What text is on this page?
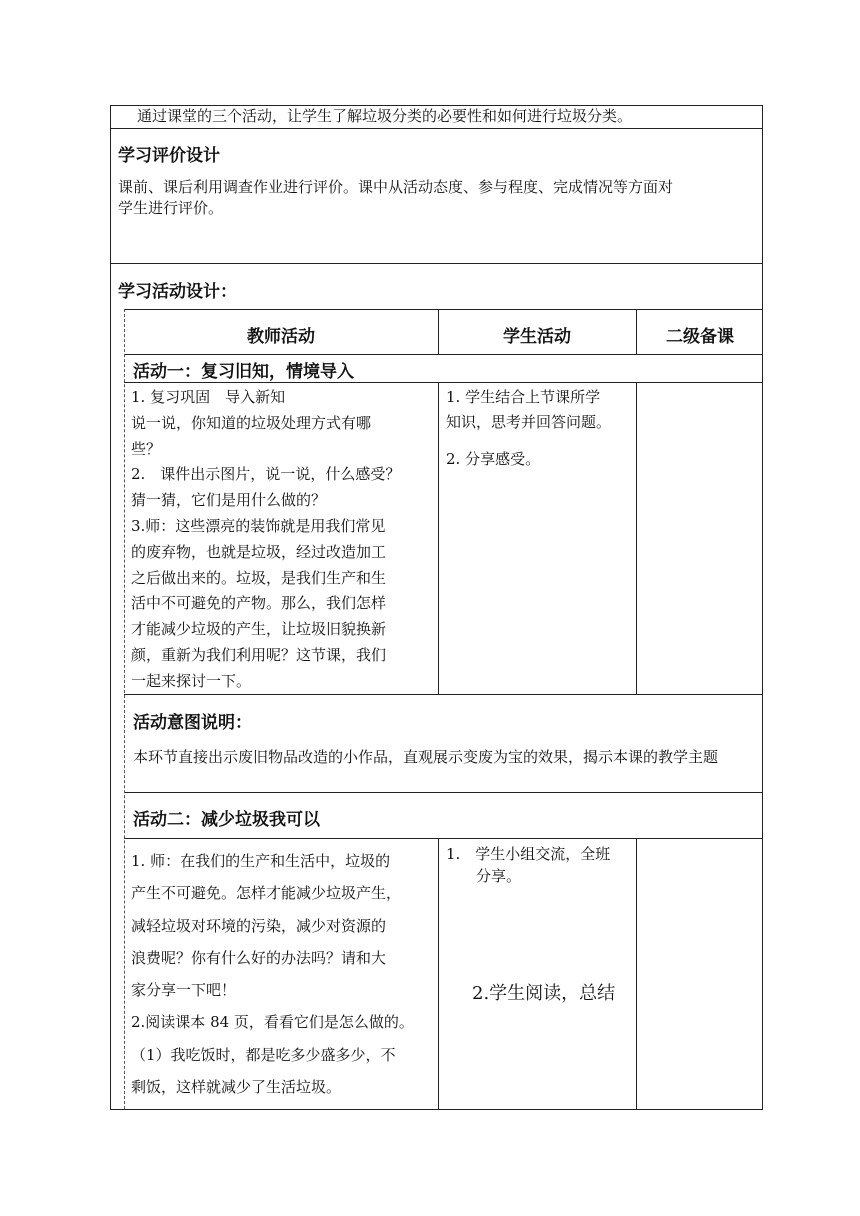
通过课堂的三个活动，让学生了解垃圾分类的必要性和如何进行垃圾分类。
学习评价设计
课前、课后利用调查作业进行评价。课中从活动态度、参与程度、完成情况等方面对
学生进行评价。
学习活动设计：
教师活动	学生活动	二级备课
活动一：复习旧知，情境导入
1. 复习巩固　导入新知
说一说，你知道的垃圾处理方式有哪
些？
2.　课件出示图片，说一说，什么感受？
猜一猜，它们是用什么做的？
3.师：这些漂亮的装饰就是用我们常见
的废弃物，也就是垃圾，经过改造加工
之后做出来的。垃圾，是我们生产和生
活中不可避免的产物。那么，我们怎样
才能减少垃圾的产生，让垃圾旧貌换新
颜，重新为我们利用呢？这节课，我们
一起来探讨一下。
1. 学生结合上节课所学
知识，思考并回答问题。
2. 分享感受。
活动意图说明：
本环节直接出示废旧物品改造的小作品，直观展示变废为宝的效果，揭示本课的教学主题
活动二：减少垃圾我可以
1. 师：在我们的生产和生活中，垃圾的
产生不可避免。怎样才能减少垃圾产生，
减轻垃圾对环境的污染，减少对资源的
浪费呢？你有什么好的办法吗？请和大
家分享一下吧！
2.阅读课本 84 页，看看它们是怎么做的。
（1）我吃饭时，都是吃多少盛多少，不
剩饭，这样就减少了生活垃圾。
1.　学生小组交流，全班
　　分享。
2.学生阅读，总结
